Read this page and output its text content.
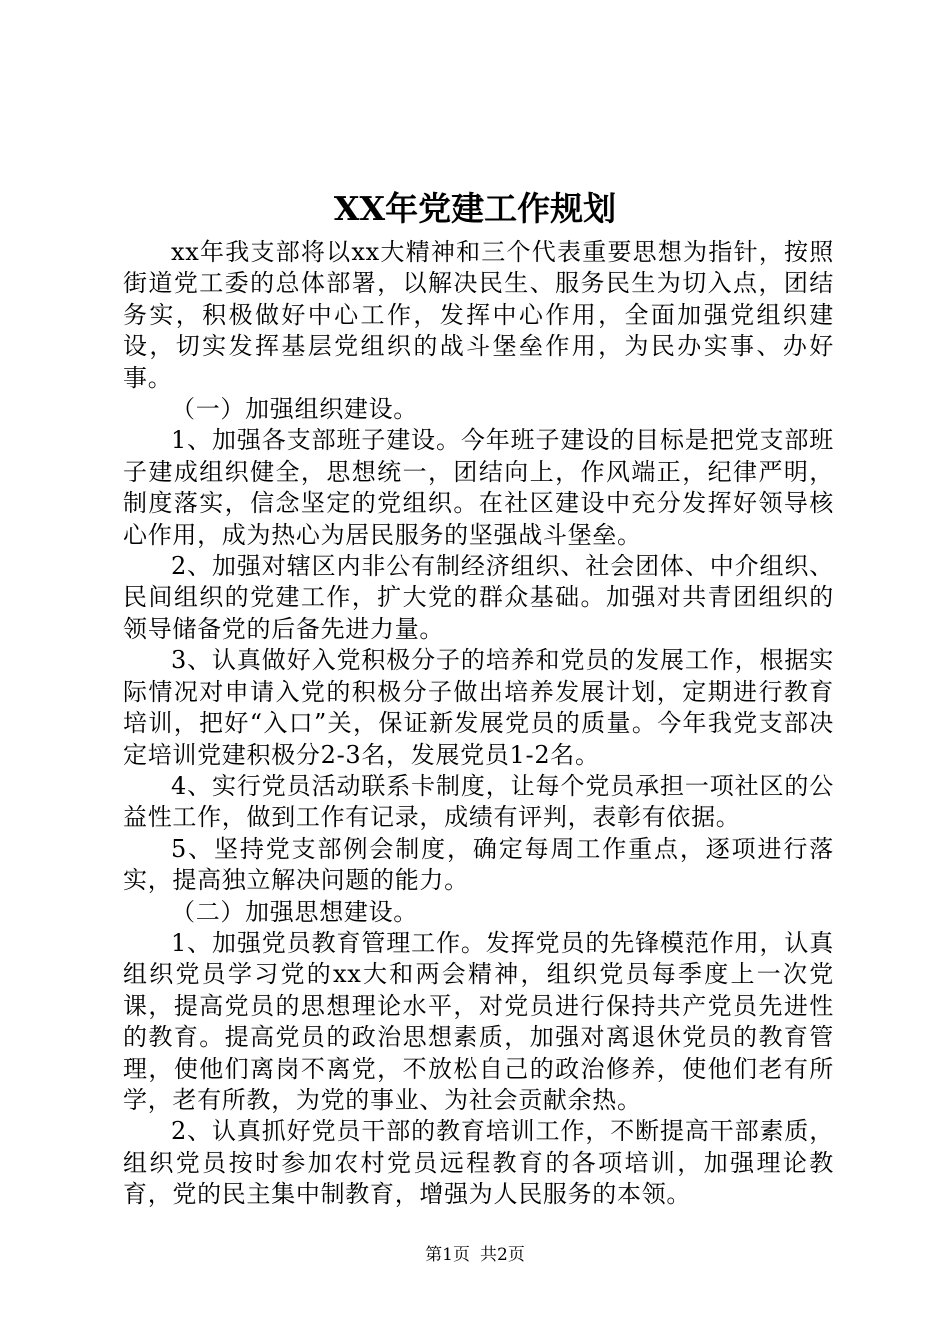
XX年党建工作规划

xx年我支部将以xx大精神和三个代表重要思想为指针，按照街道党工委的总体部署，以解决民生、服务民生为切入点，团结务实，积极做好中心工作，发挥中心作用，全面加强党组织建设，切实发挥基层党组织的战斗堡垒作用，为民办实事、办好事。

（一）加强组织建设。

1、加强各支部班子建设。今年班子建设的目标是把党支部班子建成组织健全，思想统一，团结向上，作风端正，纪律严明，制度落实，信念坚定的党组织。在社区建设中充分发挥好领导核心作用，成为热心为居民服务的坚强战斗堡垒。

2、加强对辖区内非公有制经济组织、社会团体、中介组织、民间组织的党建工作，扩大党的群众基础。加强对共青团组织的领导储备党的后备先进力量。

3、认真做好入党积极分子的培养和党员的发展工作，根据实际情况对申请入党的积极分子做出培养发展计划，定期进行教育培训，把好“入口”关，保证新发展党员的质量。今年我党支部决定培训党建积极分2-3名，发展党员1-2名。

4、实行党员活动联系卡制度，让每个党员承担一项社区的公益性工作，做到工作有记录，成绩有评判，表彰有依据。

5、坚持党支部例会制度，确定每周工作重点，逐项进行落实，提高独立解决问题的能力。

（二）加强思想建设。

1、加强党员教育管理工作。发挥党员的先锋模范作用，认真组织党员学习党的xx大和两会精神，组织党员每季度上一次党课，提高党员的思想理论水平，对党员进行保持共产党员先进性的教育。提高党员的政治思想素质，加强对离退休党员的教育管理，使他们离岗不离党，不放松自己的政治修养，使他们老有所学，老有所教，为党的事业、为社会贡献余热。

2、认真抓好党员干部的教育培训工作，不断提高干部素质，组织党员按时参加农村党员远程教育的各项培训，加强理论教育，党的民主集中制教育，增强为人民服务的本领。

第1页 共2页
